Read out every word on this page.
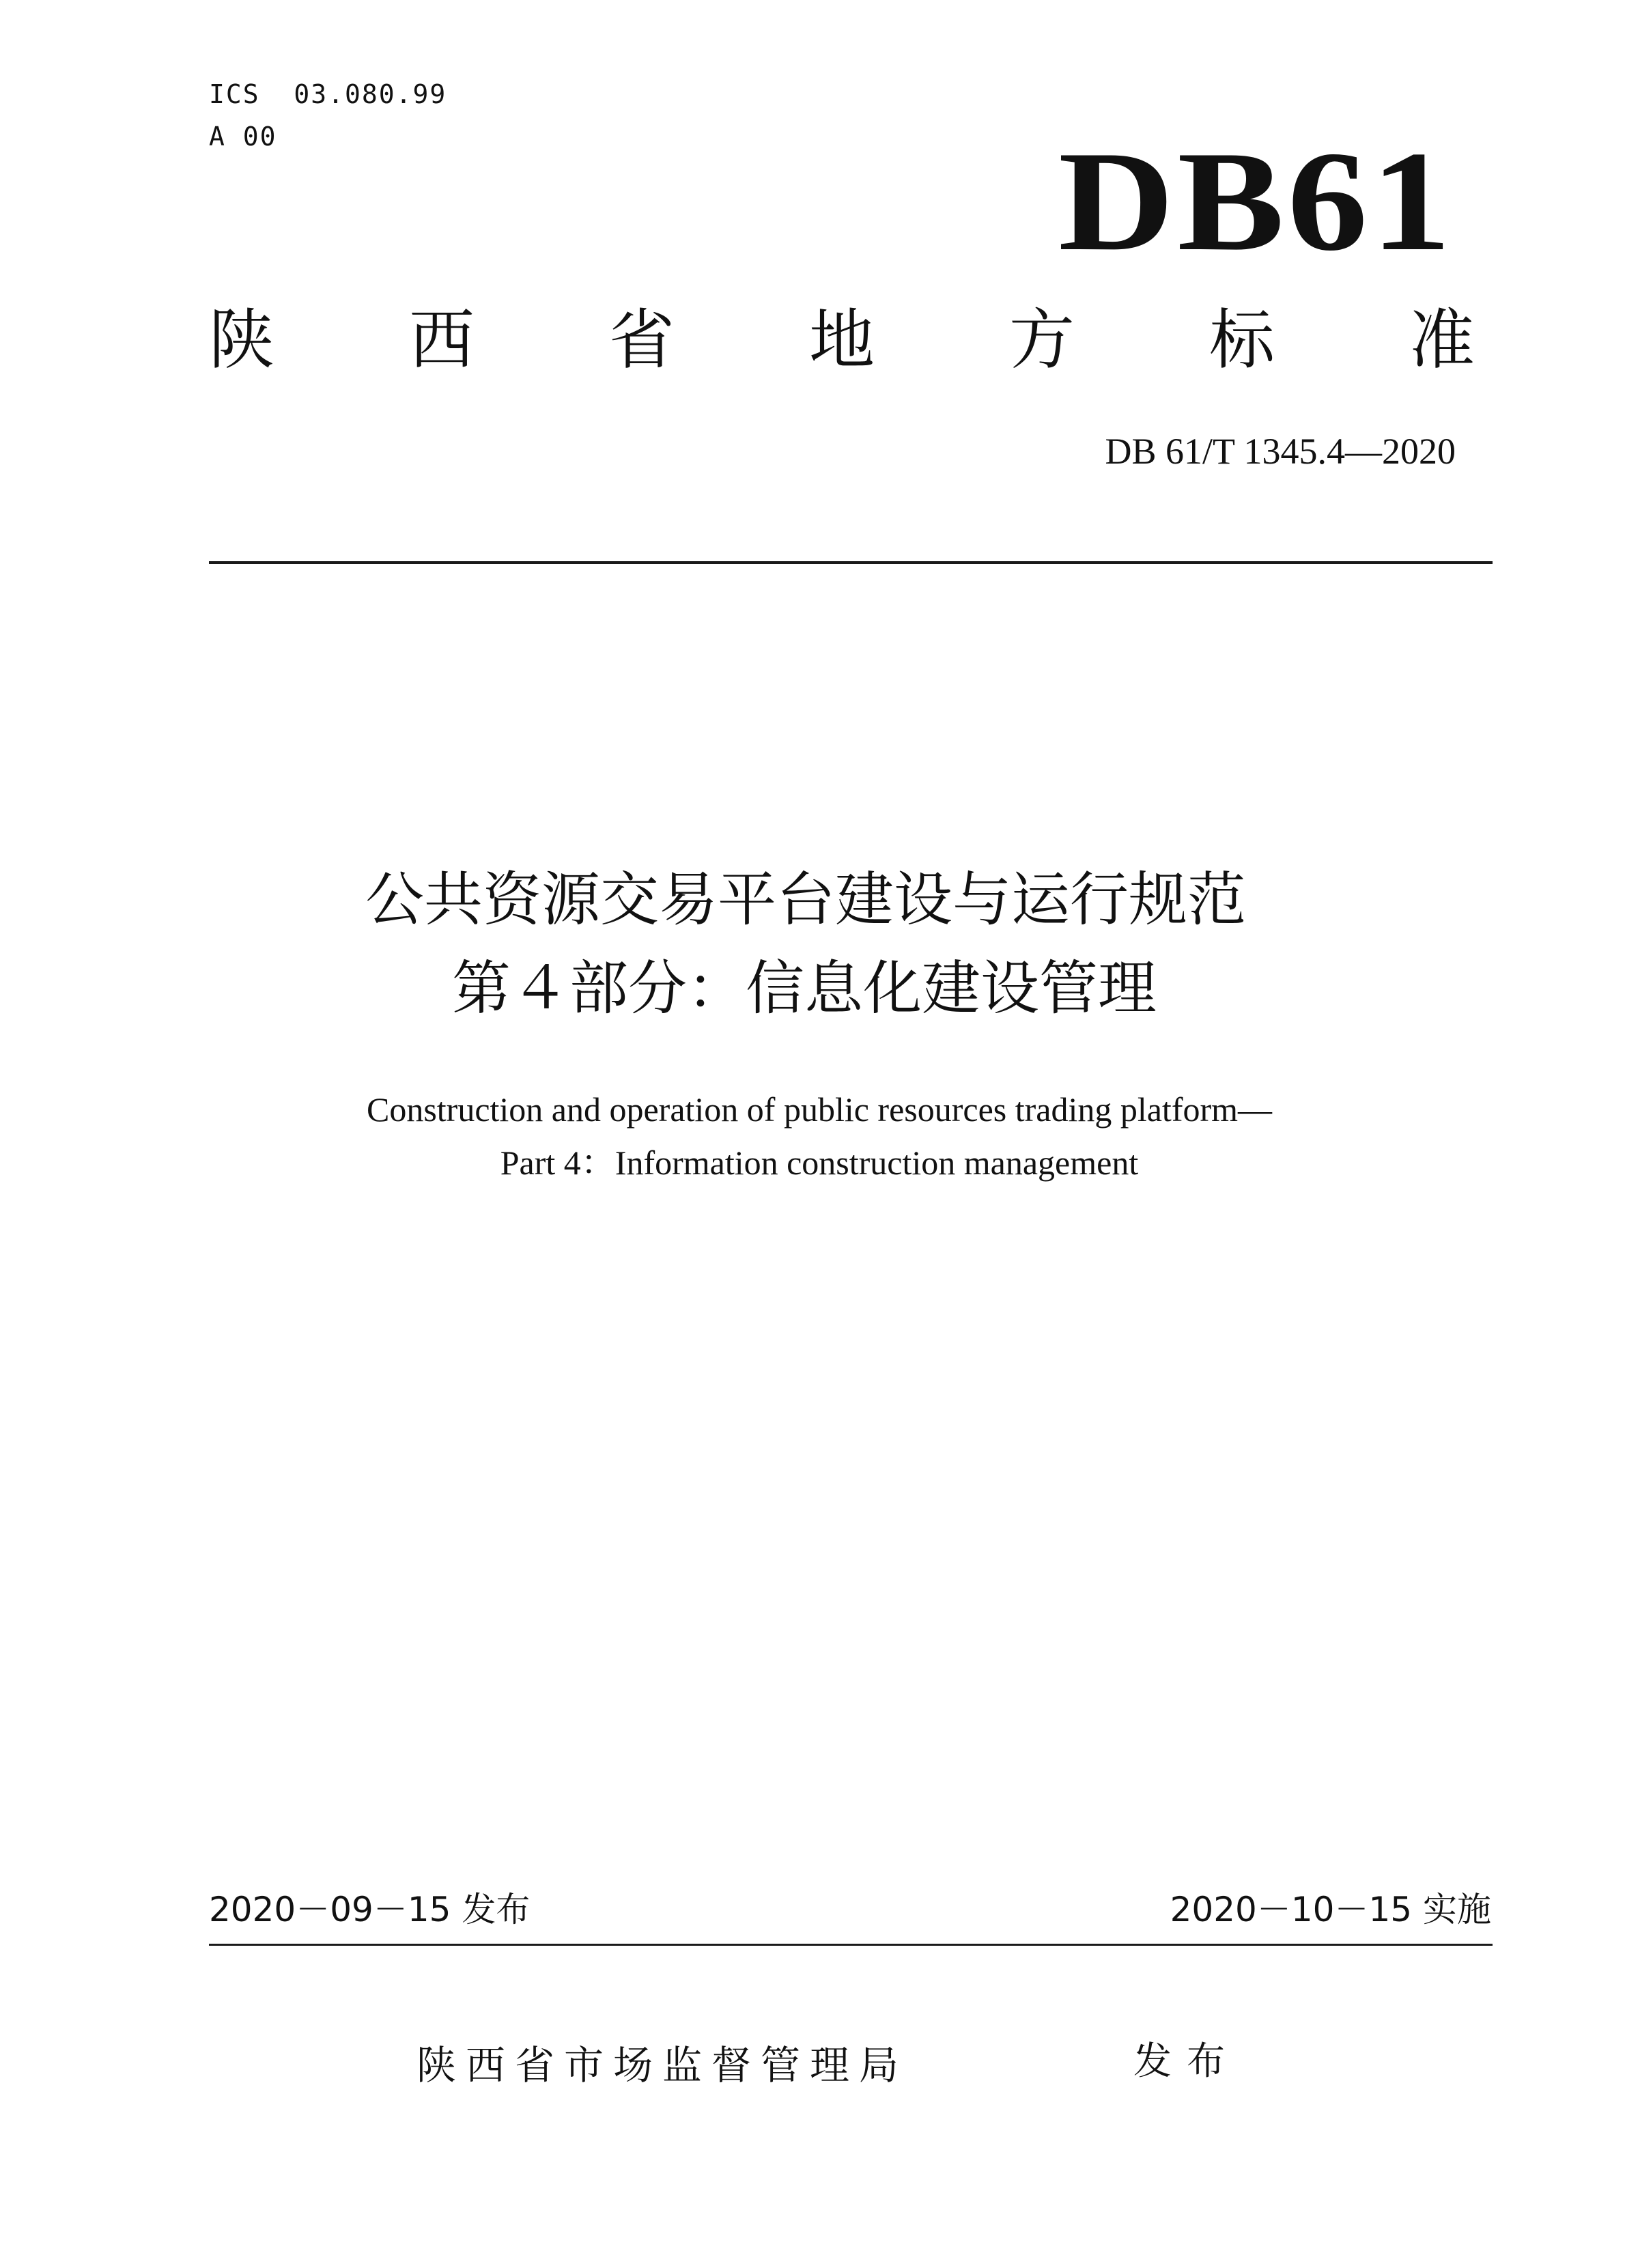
ICS  03.080.99
A 00	DB61
陕 西 省 地 方 标 准
DB 61/T 1345.4—2020
公共资源交易平台建设与运行规范
第４部分：信息化建设管理
Construction and operation of public resources trading platform—
Part 4：Information construction management
2020－09－15 发布	2020－10－15 实施
陕西省市场监督管理局	发布
